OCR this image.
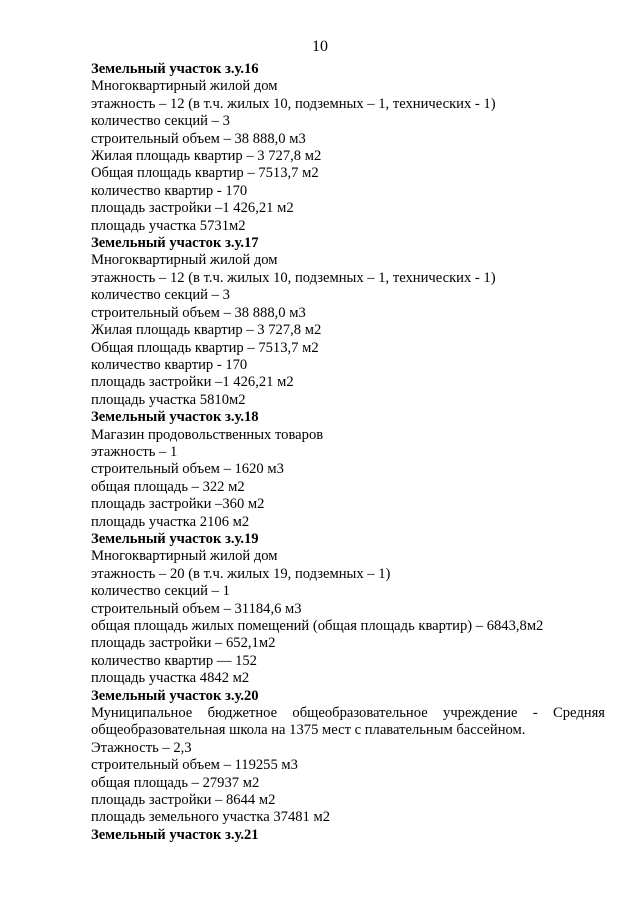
10
Земельный участок з.у.16
Многоквартирный жилой дом
этажность – 12 (в т.ч. жилых 10, подземных – 1, технических - 1)
количество секций – 3
строительный объем – 38 888,0 м3
Жилая площадь квартир – 3 727,8 м2
Общая площадь квартир – 7513,7 м2
количество квартир - 170
площадь застройки –1 426,21 м2
площадь участка 5731м2
Земельный участок з.у.17
Многоквартирный жилой дом
этажность – 12 (в т.ч. жилых 10, подземных – 1, технических - 1)
количество секций – 3
строительный объем – 38 888,0 м3
Жилая площадь квартир – 3 727,8 м2
Общая площадь квартир – 7513,7 м2
количество квартир - 170
площадь застройки –1 426,21 м2
площадь участка 5810м2
Земельный участок з.у.18
Магазин продовольственных товаров
этажность – 1
строительный объем – 1620 м3
общая площадь – 322 м2
площадь застройки –360 м2
площадь участка 2106 м2
Земельный участок з.у.19
Многоквартирный жилой дом
этажность – 20 (в т.ч. жилых 19, подземных – 1)
количество секций – 1
строительный объем – 31184,6 м3
общая площадь жилых помещений (общая площадь квартир) – 6843,8м2
площадь застройки – 652,1м2
количество квартир — 152
площадь участка 4842 м2
Земельный участок з.у.20
Муниципальное бюджетное общеобразовательное учреждение - Средняя общеобразовательная школа на 1375 мест с плавательным бассейном.
Этажность – 2,3
строительный объем – 119255 м3
общая площадь – 27937 м2
площадь застройки – 8644 м2
площадь земельного участка 37481 м2
Земельный участок з.у.21
